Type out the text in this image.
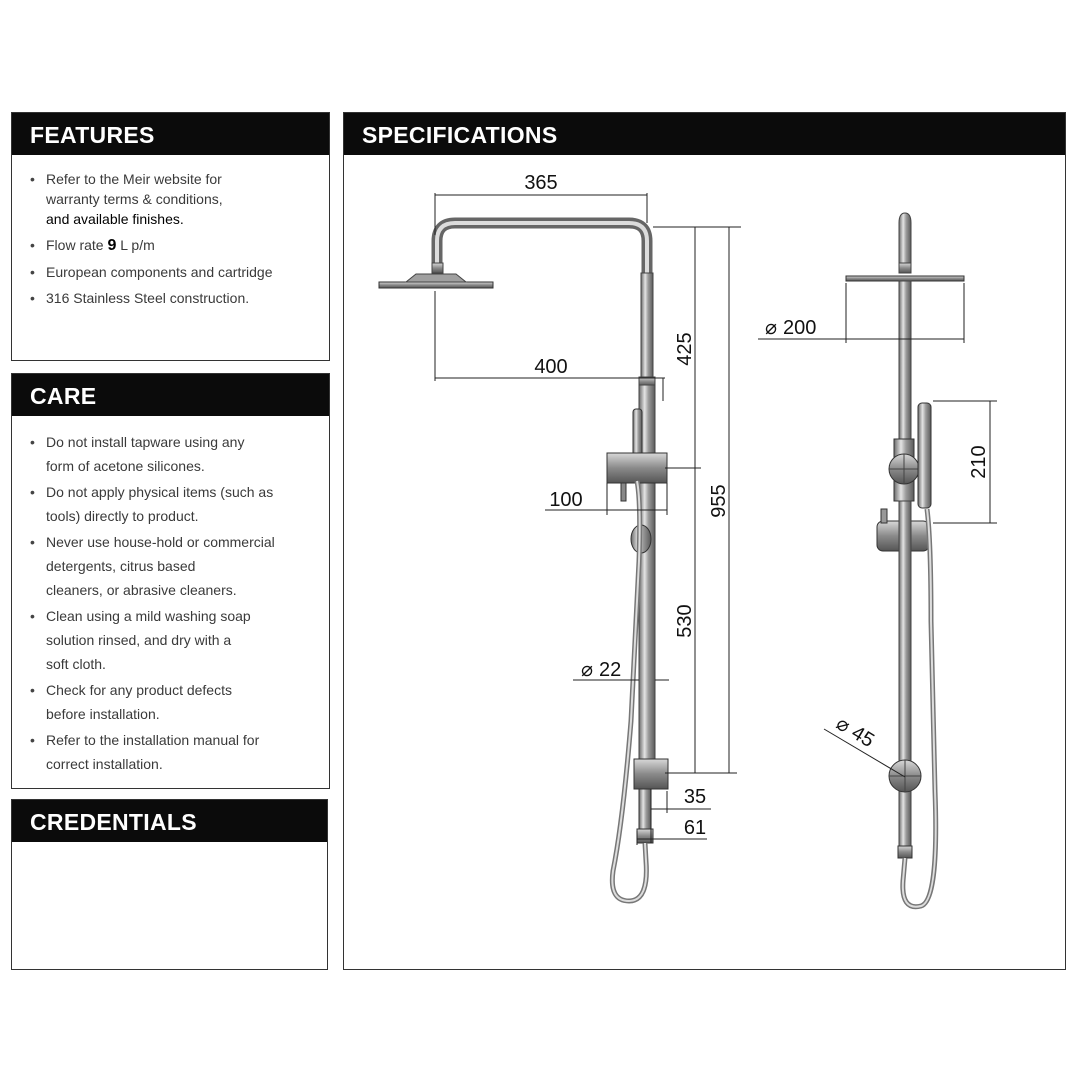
FEATURES
• Refer to the Meir website for
warranty terms & conditions,
and available finishes.
• Flow rate 9 L p/m
• European components and cartridge
• 316 Stainless Steel construction.
CARE
• Do not install tapware using any
form of acetone silicones.
• Do not apply physical items (such as
tools) directly to product.
• Never use house-hold or commercial
detergents, citrus based
cleaners, or abrasive cleaners.
• Clean using a mild washing soap
solution rinsed, and dry with a
soft cloth.
• Check for any product defects
before installation.
• Refer to the installation manual for
correct installation.
CREDENTIALS
SPECIFICATIONS
365
400
425
955
100
530
⌀ 22
35
61
⌀ 200
210
⌀
45
